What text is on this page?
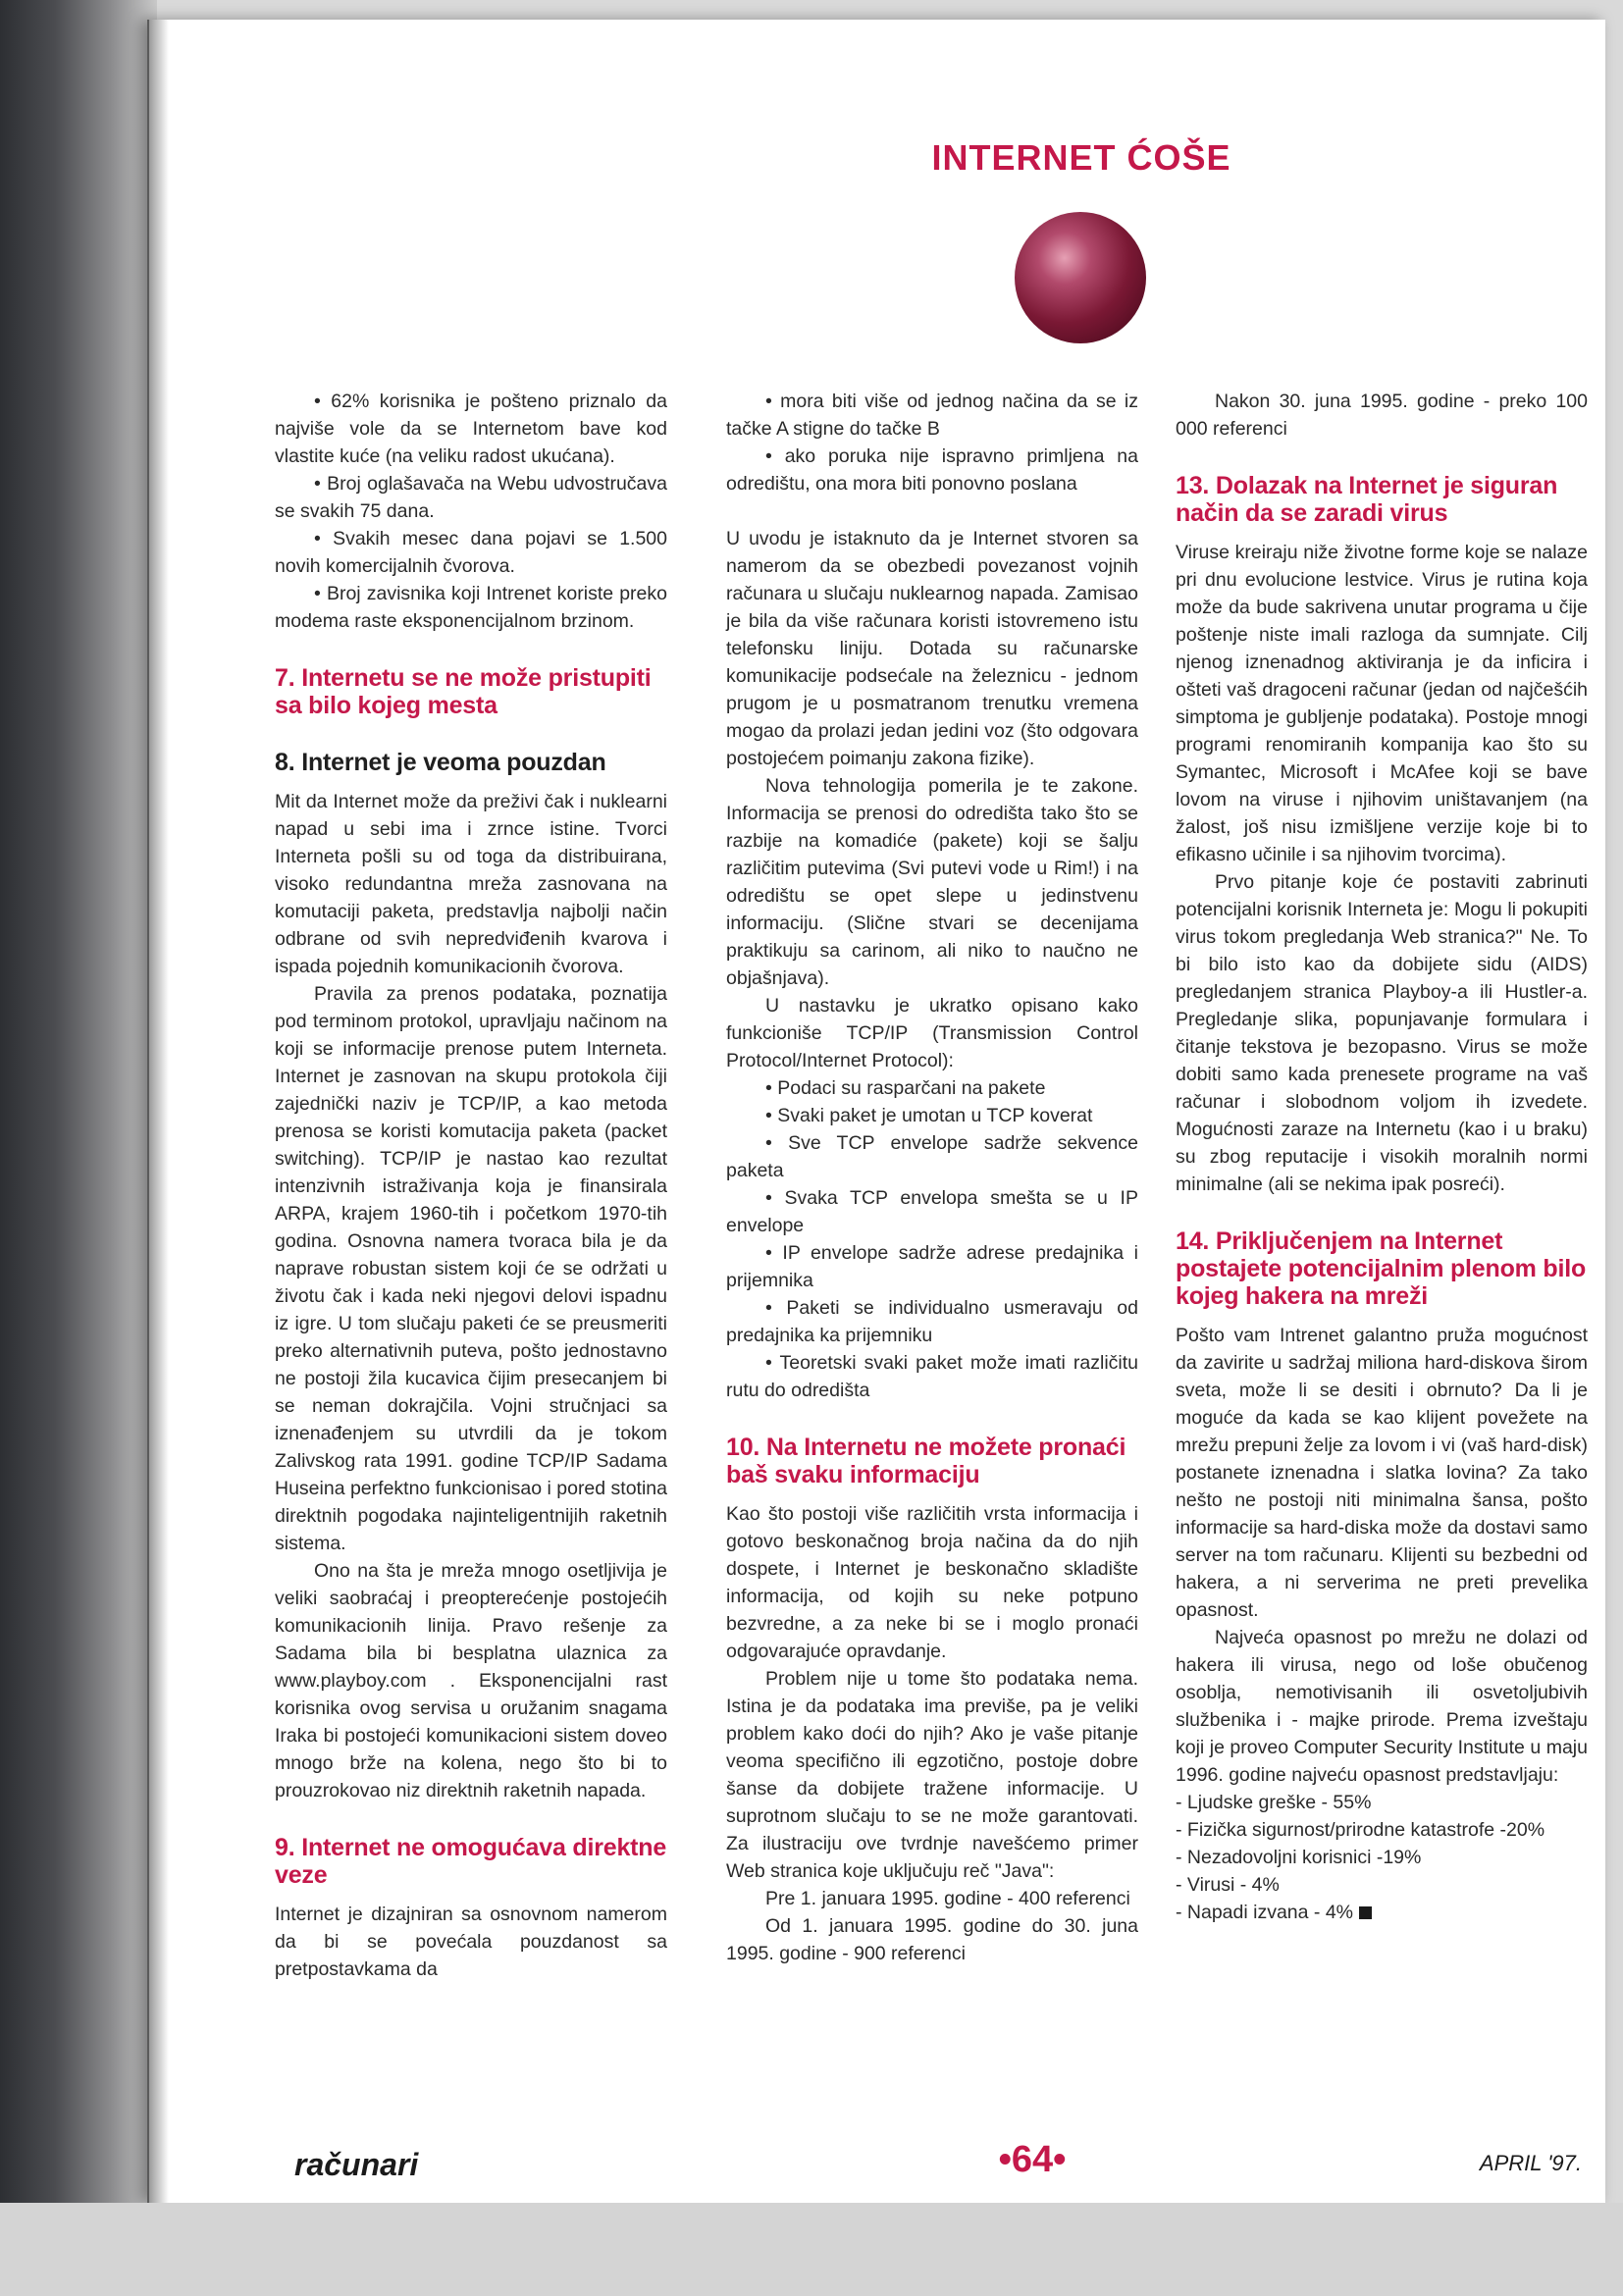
INTERNET ĆOŠE

• 62% korisnika je pošteno priznalo da najviše vole da se Internetom bave kod vlastite kuće (na veliku radost ukućana).

• Broj oglašavača na Webu udvostručava se svakih 75 dana.

• Svakih mesec dana pojavi se 1.500 novih komercijalnih čvorova.

• Broj zavisnika koji Intrenet koriste preko modema raste eksponencijalnom brzinom.

7. Internetu se ne može pristupiti sa bilo kojeg mesta
8. Internet je veoma pouzdan

Mit da Internet može da preživi čak i nuklearni napad u sebi ima i zrnce istine. Tvorci Interneta pošli su od toga da distribuirana, visoko redundantna mreža zasnovana na komutaciji paketa, predstavlja najbolji način odbrane od svih nepredviđenih kvarova i ispada pojednih komunikacionih čvorova.

Pravila za prenos podataka, poznatija pod terminom protokol, upravljaju načinom na koji se informacije prenose putem Interneta. Internet je zasnovan na skupu protokola čiji zajednički naziv je TCP/IP, a kao metoda prenosa se koristi komutacija paketa (packet switching). TCP/IP je nastao kao rezultat intenzivnih istraživanja koja je finansirala ARPA, krajem 1960-tih i početkom 1970-tih godina. Osnovna namera tvoraca bila je da naprave robustan sistem koji će se održati u životu čak i kada neki njegovi delovi ispadnu iz igre. U tom slučaju paketi će se preusmeriti preko alternativnih puteva, pošto jednostavno ne postoji žila kucavica čijim presecanjem bi se neman dokrajčila. Vojni stručnjaci sa iznenađenjem su utvrdili da je tokom Zalivskog rata 1991. godine TCP/IP Sadama Huseina perfektno funkcionisao i pored stotina direktnih pogodaka najinteligentnijih raketnih sistema.

Ono na šta je mreža mnogo osetljivija je veliki saobraćaj i preopterećenje postojećih komunikacionih linija. Pravo rešenje za Sadama bila bi besplatna ulaznica za www.playboy.com . Eksponencijalni rast korisnika ovog servisa u oružanim snagama Iraka bi postojeći komunikacioni sistem doveo mnogo brže na kolena, nego što bi to prouzrokovao niz direktnih raketnih napada.

9. Internet ne omogućava direktne veze

Internet je dizajniran sa osnovnom namerom da bi se povećala pouzdanost sa pretpostavkama da

• mora biti više od jednog načina da se iz tačke A stigne do tačke B

• ako poruka nije ispravno primljena na odredištu, ona mora biti ponovno poslana

U uvodu je istaknuto da je Internet stvoren sa namerom da se obezbedi povezanost vojnih računara u slučaju nuklearnog napada. Zamisao je bila da više računara koristi istovremeno istu telefonsku liniju. Dotada su računarske komunikacije podsećale na železnicu - jednom prugom je u posmatranom trenutku vremena mogao da prolazi jedan jedini voz (što odgovara postojećem poimanju zakona fizike).

Nova tehnologija pomerila je te zakone. Informacija se prenosi do odredišta tako što se razbije na komadiće (pakete) koji se šalju različitim putevima (Svi putevi vode u Rim!) i na odredištu se opet slepe u jedinstvenu informaciju. (Slične stvari se decenijama praktikuju sa carinom, ali niko to naučno ne objašnjava).

U nastavku je ukratko opisano kako funkcioniše TCP/IP (Transmission Control Protocol/Internet Protocol):

• Podaci su rasparčani na pakete

• Svaki paket je umotan u TCP koverat

• Sve TCP envelope sadrže sekvence paketa

• Svaka TCP envelopa smešta se u IP envelope

• IP envelope sadrže adrese predajnika i prijemnika

• Paketi se individualno usmeravaju od predajnika ka prijemniku

• Teoretski svaki paket može imati različitu rutu do odredišta

10. Na Internetu ne možete pronaći baš svaku informaciju

Kao što postoji više različitih vrsta informacija i gotovo beskonačnog broja načina da do njih dospete, i Internet je beskonačno skladište informacija, od kojih su neke potpuno bezvredne, a za neke bi se i moglo pronaći odgovarajuće opravdanje.

Problem nije u tome što podataka nema. Istina je da podataka ima previše, pa je veliki problem kako doći do njih? Ako je vaše pitanje veoma specifično ili egzotično, postoje dobre šanse da dobijete tražene informacije. U suprotnom slučaju to se ne može garantovati. Za ilustraciju ove tvrdnje navešćemo primer Web stranica koje uključuju reč "Java":

Pre 1. januara 1995. godine - 400 referenci

Od 1. januara 1995. godine do 30. juna 1995. godine - 900 referenci

Nakon 30. juna 1995. godine - preko 100 000 referenci

13. Dolazak na Internet je siguran način da se zaradi virus

Viruse kreiraju niže životne forme koje se nalaze pri dnu evolucione lestvice. Virus je rutina koja može da bude sakrivena unutar programa u čije poštenje niste imali razloga da sumnjate. Cilj njenog iznenadnog aktiviranja je da inficira i ošteti vaš dragoceni računar (jedan od najčešćih simptoma je gubljenje podataka). Postoje mnogi programi renomiranih kompanija kao što su Symantec, Microsoft i McAfee koji se bave lovom na viruse i njihovim uništavanjem (na žalost, još nisu izmišljene verzije koje bi to efikasno učinile i sa njihovim tvorcima).

Prvo pitanje koje će postaviti zabrinuti potencijalni korisnik Interneta je: Mogu li pokupiti virus tokom pregledanja Web stranica?" Ne. To bi bilo isto kao da dobijete sidu (AIDS) pregledanjem stranica Playboy-a ili Hustler-a. Pregledanje slika, popunjavanje formulara i čitanje tekstova je bezopasno. Virus se može dobiti samo kada prenesete programe na vaš računar i slobodnom voljom ih izvedete. Mogućnosti zaraze na Internetu (kao i u braku) su zbog reputacije i visokih moralnih normi minimalne (ali se nekima ipak posreći).

14. Priključenjem na Internet postajete potencijalnim plenom bilo kojeg hakera na mreži

Pošto vam Intrenet galantno pruža mogućnost da zavirite u sadržaj miliona hard-diskova širom sveta, može li se desiti i obrnuto? Da li je moguće da kada se kao klijent povežete na mrežu prepuni želje za lovom i vi (vaš hard-disk) postanete iznenadna i slatka lovina? Za tako nešto ne postoji niti minimalna šansa, pošto informacije sa hard-diska može da dostavi samo server na tom računaru. Klijenti su bezbedni od hakera, a ni serverima ne preti prevelika opasnost.

Najveća opasnost po mrežu ne dolazi od hakera ili virusa, nego od loše obučenog osoblja, nemotivisanih ili osvetoljubivih službenika i - majke prirode. Prema izveštaju koji je proveo Computer Security Institute u maju 1996. godine najveću opasnost predstavljaju:

- Ljudske greške - 55%

- Fizička sigurnost/prirodne katastrofe -20%

- Nezadovoljni korisnici -19%

- Virusi - 4%

- Napadi izvana - 4%

računari	•64•	APRIL '97.
